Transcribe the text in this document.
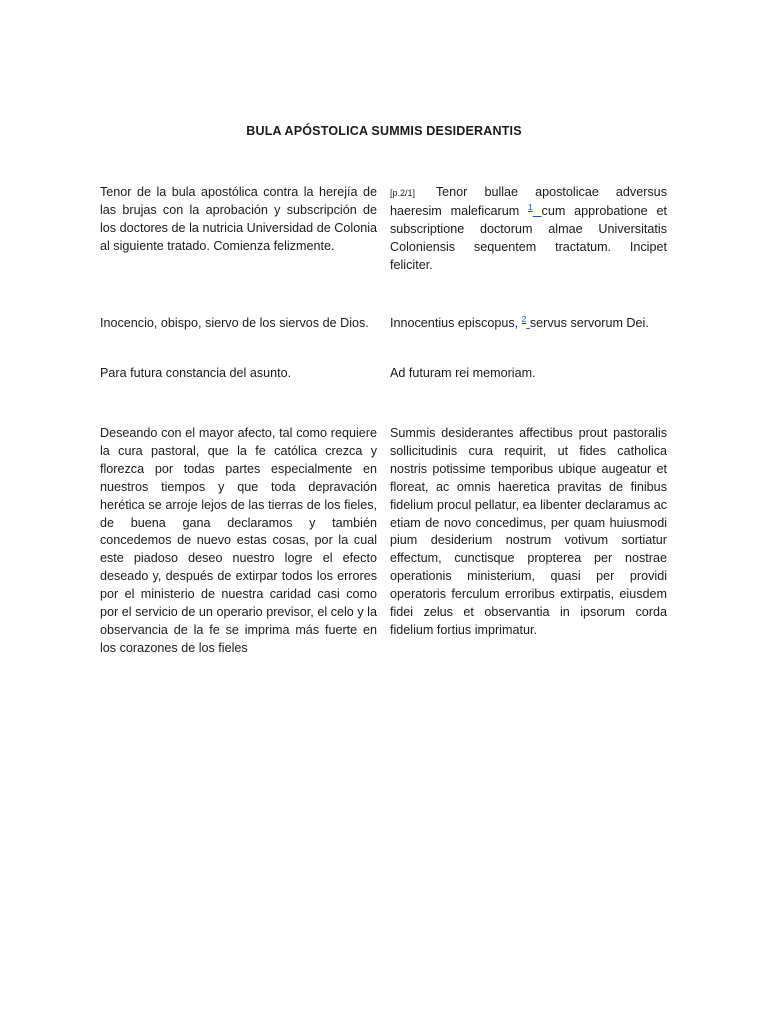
BULA APÓSTOLICA SUMMIS DESIDERANTIS
Tenor de la bula apostólica contra la herejía de las brujas con la aprobación y subscripción de los doctores de la nutricia Universidad de Colonia al siguiente tratado. Comienza felizmente.
[p.2/1] Tenor bullae apostolicae adversus haeresim maleficarum $^1$ cum approbatione et subscriptione doctorum almae Universitatis Coloniensis sequentem tractatum. Incipet feliciter.
Inocencio, obispo, siervo de los siervos de Dios.	Innocentius episcopus, $^2$ servus servorum Dei.
Para futura constancia del asunto.	Ad futuram rei memoriam.
Deseando con el mayor afecto, tal como requiere la cura pastoral, que la fe católica crezca y florezca por todas partes especialmente en nuestros tiempos y que toda depravación herética se arroje lejos de las tierras de los fieles, de buena gana declaramos y también concedemos de nuevo estas cosas, por la cual este piadoso deseo nuestro logre el efecto deseado y, después de extirpar todos los errores por el ministerio de nuestra caridad casi como por el servicio de un operario previsor, el celo y la observancia de la fe se imprima más fuerte en los corazones de los fieles
Summis desiderantes affectibus prout pastoralis sollicitudinis cura requirit, ut fides catholica nostris potissime temporibus ubique augeatur et floreat, ac omnis haeretica pravitas de finibus fidelium procul pellatur, ea libenter declaramus ac etiam de novo concedimus, per quam huiusmodi pium desiderium nostrum votivum sortiatur effectum, cunctisque propterea per nostrae operationis ministerium, quasi per providi operatoris ferculum erroribus extirpatis, eiusdem fidei zelus et observantia in ipsorum corda fidelium fortius imprimatur.
